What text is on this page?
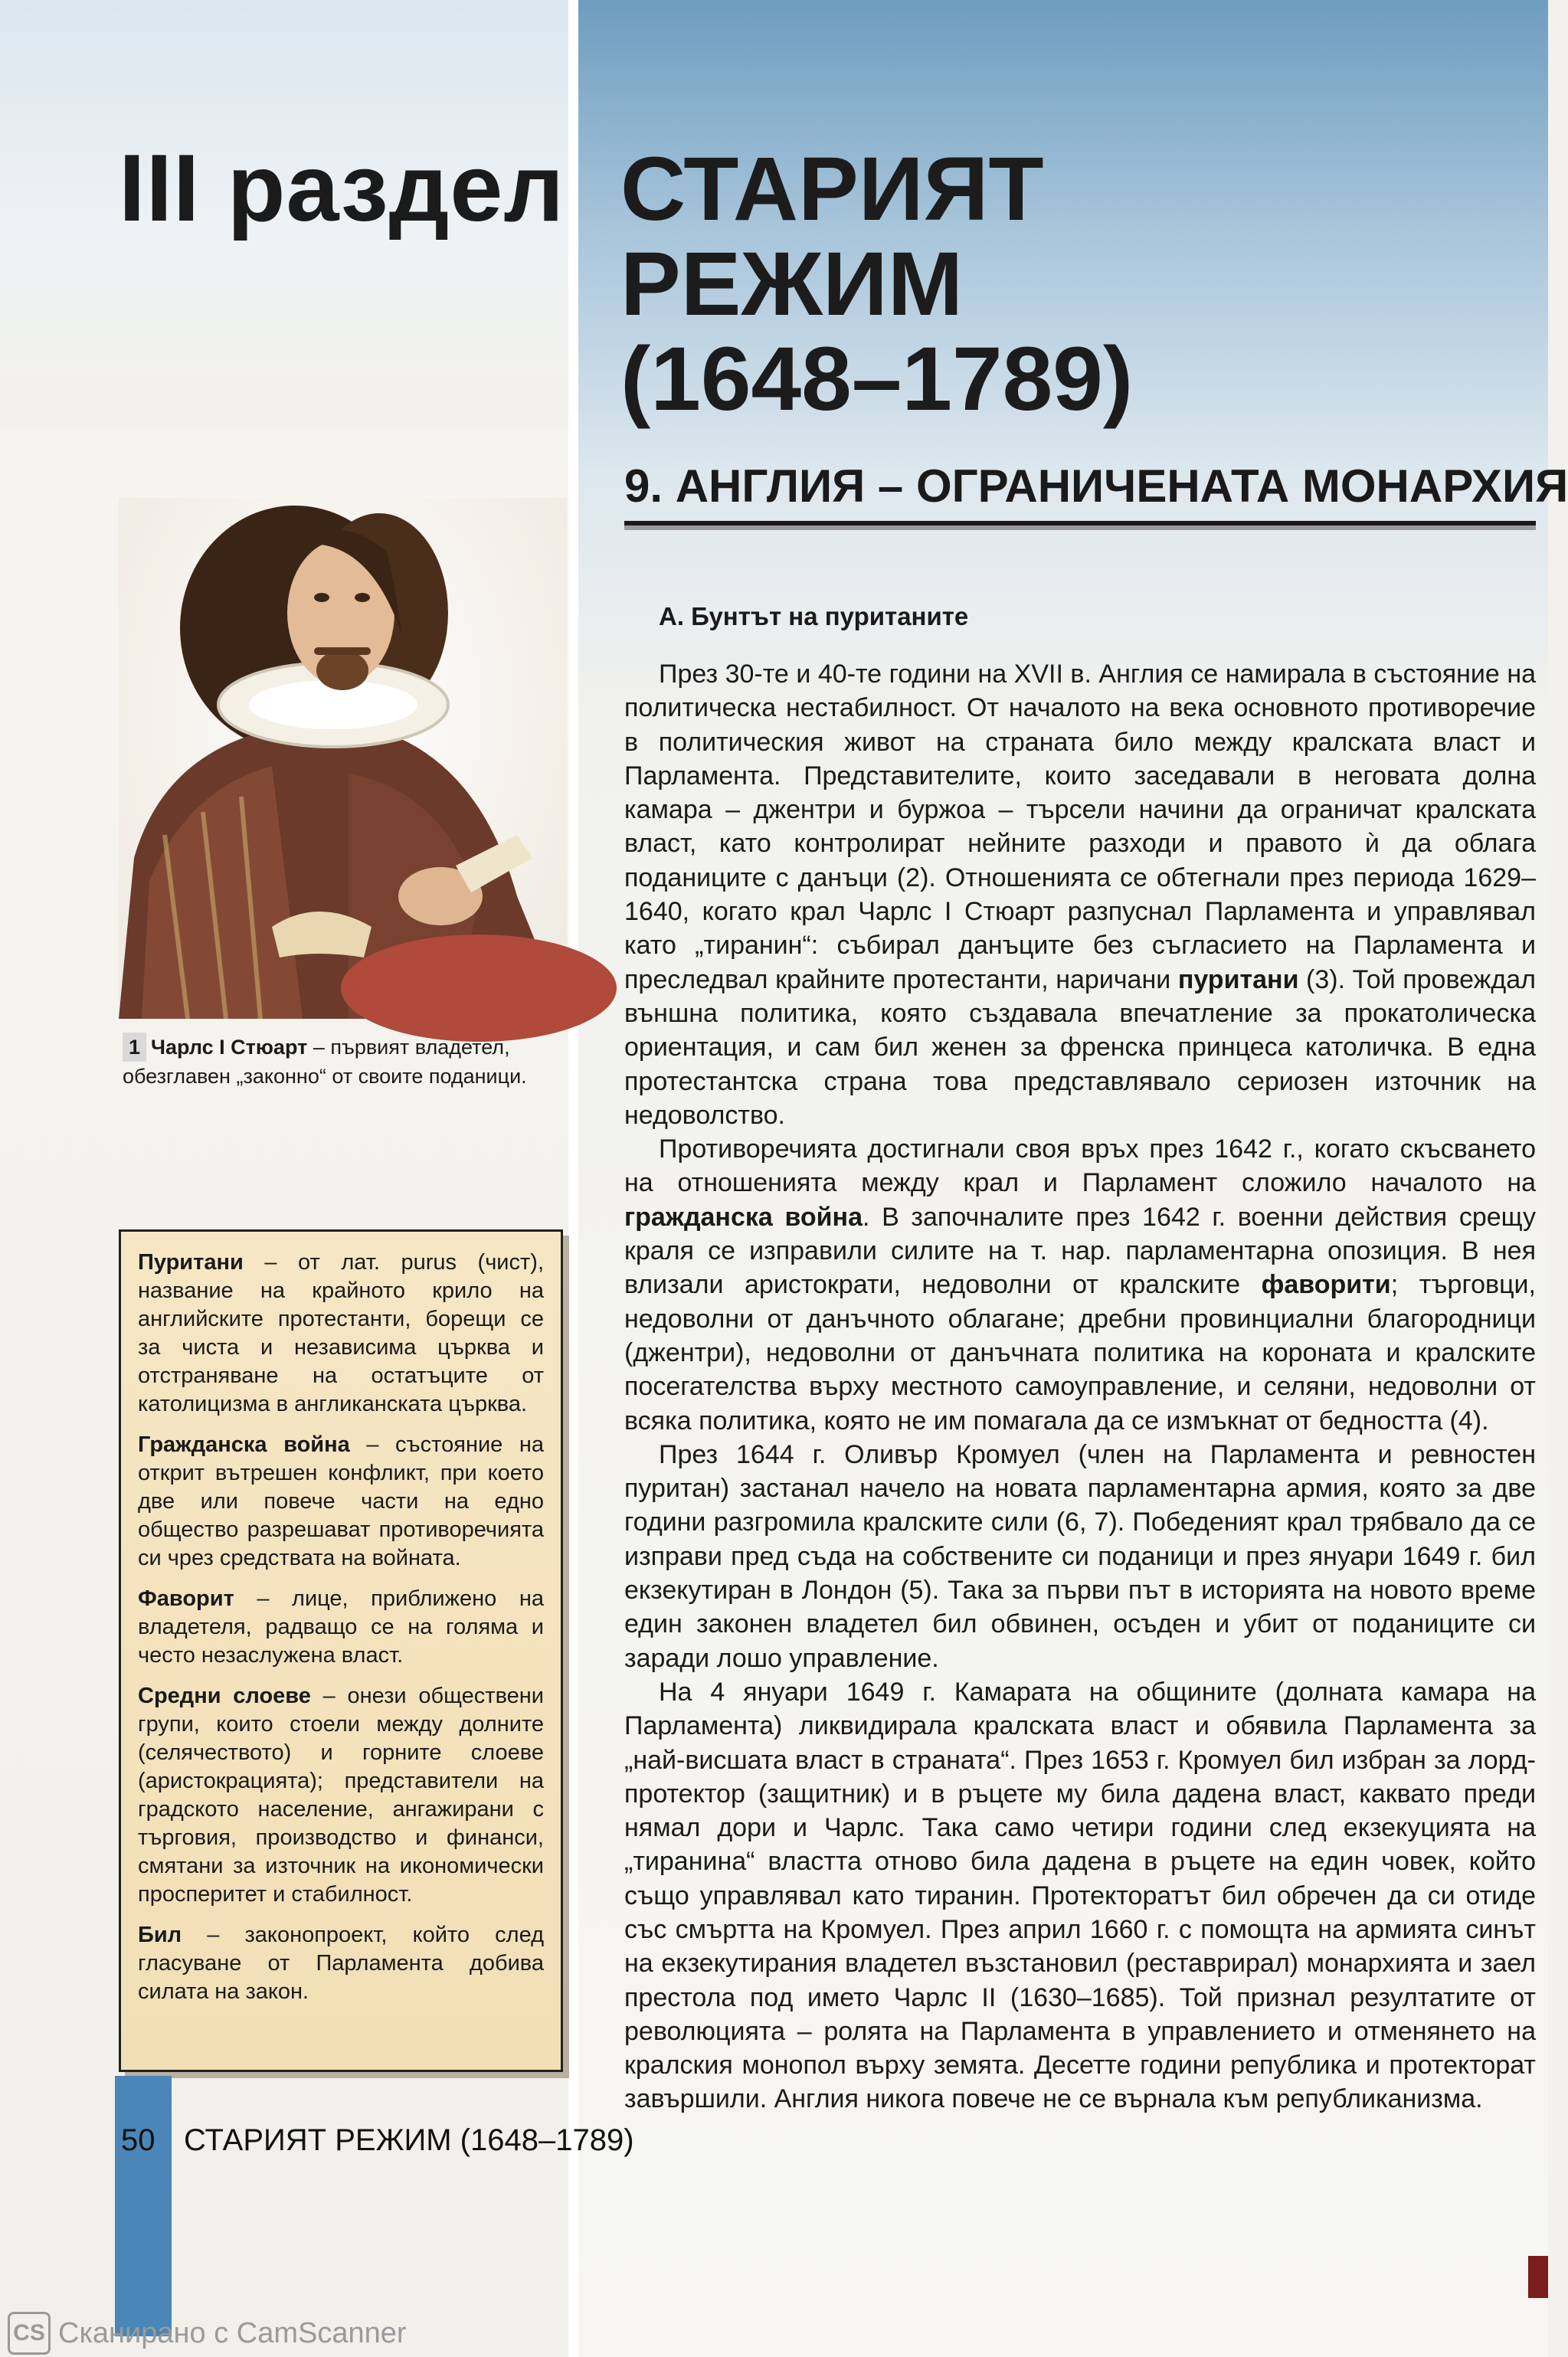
III раздел СТАРИЯТ
РЕЖИМ
(1648–1789)
9. АНГЛИЯ – ОГРАНИЧЕНАТА МОНАРХИЯ

1 Чарлс I Стюарт – първият владетел, обезглавен „законно“ от своите поданици.

Пуритани – от лат. purus (чист), название на крайното крило на английските протестанти, борещи се за чиста и независима църква и отстраняване на остатъците от католицизма в англиканската църква.

Гражданска война – състояние на открит вътрешен конфликт, при което две или повече части на едно общество разрешават противоречията си чрез средствата на войната.

Фаворит – лице, приближено на владетеля, радващо се на голяма и често незаслужена власт.

Средни слоеве – онези обществени групи, които стоели между долните (селячеството) и горните слоеве (аристокрацията); представители на градското население, ангажирани с търговия, производство и финанси, смятани за източник на икономически просперитет и стабилност.

Бил – законопроект, който след гласуване от Парламента добива силата на закон.

50 СТАРИЯТ РЕЖИМ (1648–1789)

А. Бунтът на пуританите

През 30-те и 40-те години на XVII в. Англия се намирала в състояние на политическа нестабилност. От началото на века основното противоречие в политическия живот на страната било между кралската власт и Парламента. Представителите, които заседавали в неговата долна камара – джентри и буржоа – търсели начини да ограничат кралската власт, като контролират нейните разходи и правото ѝ да облага поданиците с данъци (2). Отношенията се обтегнали през периода 1629–1640, когато крал Чарлс I Стюарт разпуснал Парламента и управлявал като „тиранин“: събирал данъците без съгласието на Парламента и преследвал крайните протестанти, наричани пуритани (3). Той провеждал външна политика, която създавала впечатление за прокатолическа ориентация, и сам бил женен за френска принцеса католичка. В една протестантска страна това представлявало сериозен източник на недоволство.

Противоречията достигнали своя връх през 1642 г., когато скъсването на отношенията между крал и Парламент сложило началото на гражданска война. В започналите през 1642 г. военни действия срещу краля се изправили силите на т. нар. парламентарна опозиция. В нея влизали аристократи, недоволни от кралските фаворити; търговци, недоволни от данъчното облагане; дребни провинциални благородници (джентри), недоволни от данъчната политика на короната и кралските посегателства върху местното самоуправление, и селяни, недоволни от всяка политика, която не им помагала да се измъкнат от бедността (4).

През 1644 г. Оливър Кромуел (член на Парламента и ревностен пуритан) застанал начело на новата парламентарна армия, която за две години разгромила кралските сили (6, 7). Победеният крал трябвало да се изправи пред съда на собствените си поданици и през януари 1649 г. бил екзекутиран в Лондон (5). Така за първи път в историята на новото време един законен владетел бил обвинен, осъден и убит от поданиците си заради лошо управление.

На 4 януари 1649 г. Камарата на общините (долната камара на Парламента) ликвидирала кралската власт и обявила Парламента за „най-висшата власт в страната“. През 1653 г. Кромуел бил избран за лорд-протектор (защитник) и в ръцете му била дадена власт, каквато преди нямал дори и Чарлс. Така само четири години след екзекуцията на „тиранина“ властта отново била дадена в ръцете на един човек, който също управлявал като тиранин. Протекторатът бил обречен да си отиде със смъртта на Кромуел. През април 1660 г. с помощта на армията синът на екзекутирания владетел възстановил (реставрирал) монархията и заел престола под името Чарлс II (1630–1685). Той признал резултатите от революцията – ролята на Парламента в управлението и отменянето на кралския монопол върху земята. Десетте години република и протекторат завършили. Англия никога повече не се върнала към републиканизма.

CS Сканирано с CamScanner
